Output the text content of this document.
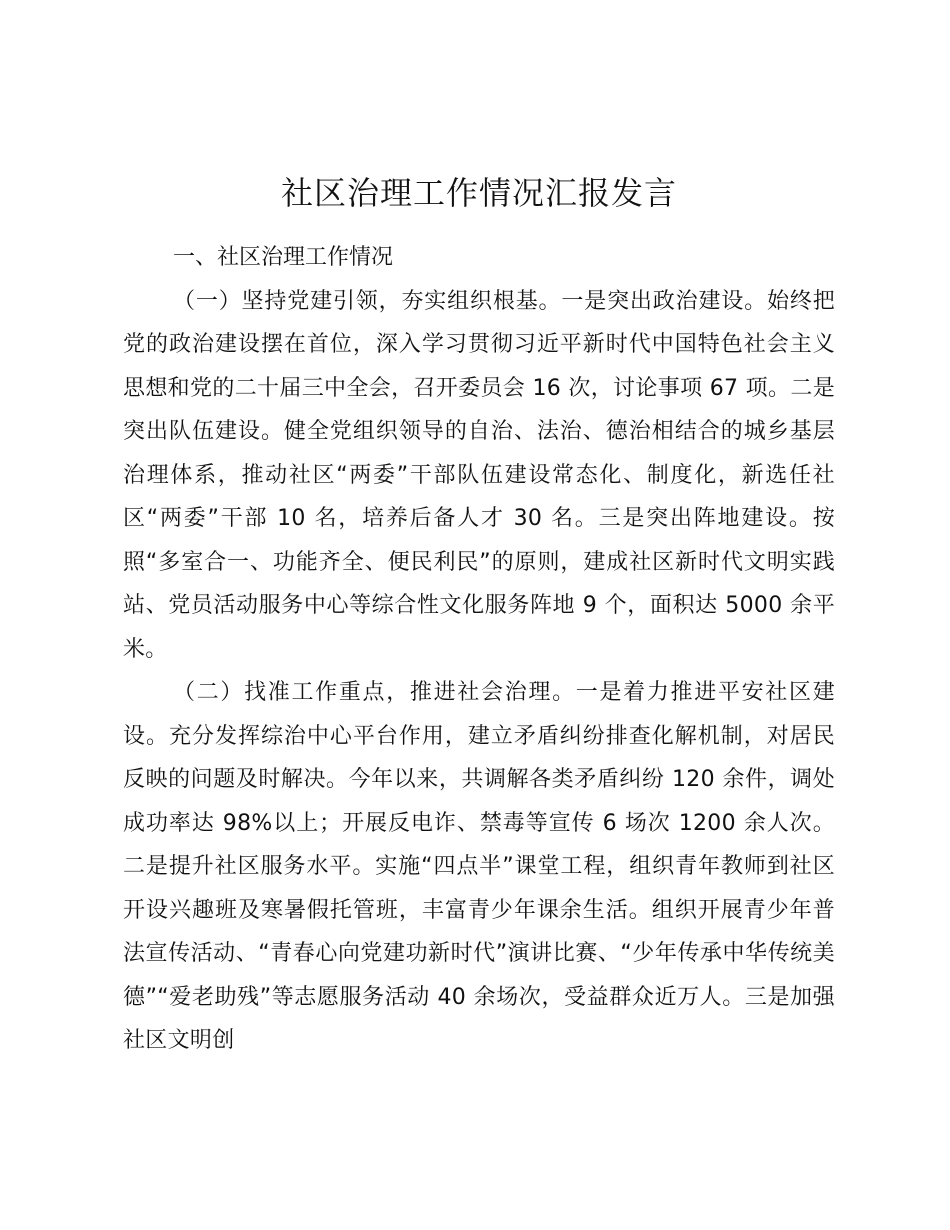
社区治理工作情况汇报发言

一、社区治理工作情况

（一）坚持党建引领，夯实组织根基。一是突出政治建设。始终把党的政治建设摆在首位，深入学习贯彻习近平新时代中国特色社会主义思想和党的二十届三中全会，召开委员会 16 次，讨论事项 67 项。二是突出队伍建设。健全党组织领导的自治、法治、德治相结合的城乡基层治理体系，推动社区“两委”干部队伍建设常态化、制度化，新选任社区“两委”干部 10 名，培养后备人才 30 名。三是突出阵地建设。按照“多室合一、功能齐全、便民利民”的原则，建成社区新时代文明实践站、党员活动服务中心等综合性文化服务阵地 9 个，面积达 5000 余平米。

（二）找准工作重点，推进社会治理。一是着力推进平安社区建设。充分发挥综治中心平台作用，建立矛盾纠纷排查化解机制，对居民反映的问题及时解决。今年以来，共调解各类矛盾纠纷 120 余件，调处成功率达 98%以上；开展反电诈、禁毒等宣传 6 场次 1200 余人次。二是提升社区服务水平。实施“四点半”课堂工程，组织青年教师到社区开设兴趣班及寒暑假托管班，丰富青少年课余生活。组织开展青少年普法宣传活动、“青春心向党建功新时代”演讲比赛、“少年传承中华传统美德”“爱老助残”等志愿服务活动 40 余场次，受益群众近万人。三是加强社区文明创
